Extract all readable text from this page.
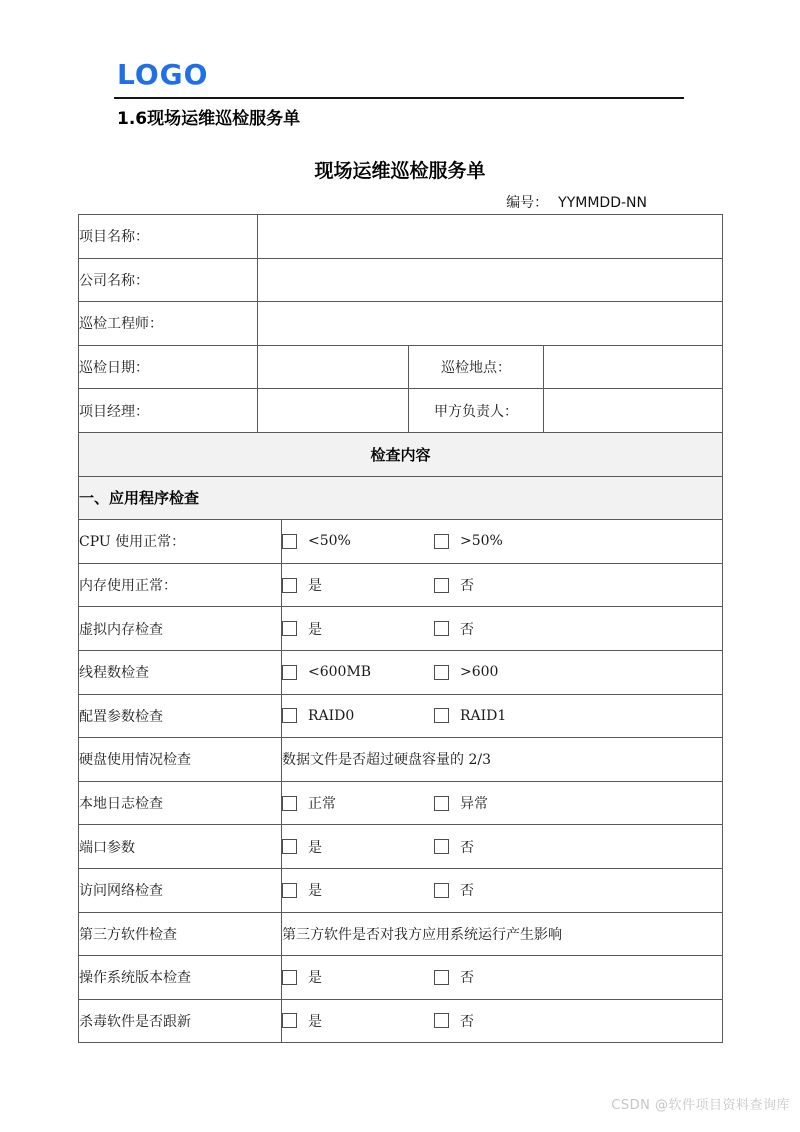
LOGO
1.6现场运维巡检服务单
现场运维巡检服务单
编号： YYMMDD-NN
项目名称：				
公司名称：				
巡检工程师：				
巡检日期：			巡检地点：	
项目经理：			甲方负责人：	
检查内容				
一、应用程序检查				
CPU 使用正常：		<50% >50%		

内存使用正常：		是 否		

虚拟内存检查		是 否		

线程数检查		<600MB >600		

配置参数检查		RAID0 RAID1		

硬盘使用情况检查		数据文件是否超过硬盘容量的 2/3		
本地日志检查		正常 异常		

端口参数		是 否		

访问网络检查		是 否		

第三方软件检查		第三方软件是否对我方应用系统运行产生影响		
操作系统版本检查		是 否		

杀毒软件是否跟新		是 否		
CSDN @软件项目资料查询库
